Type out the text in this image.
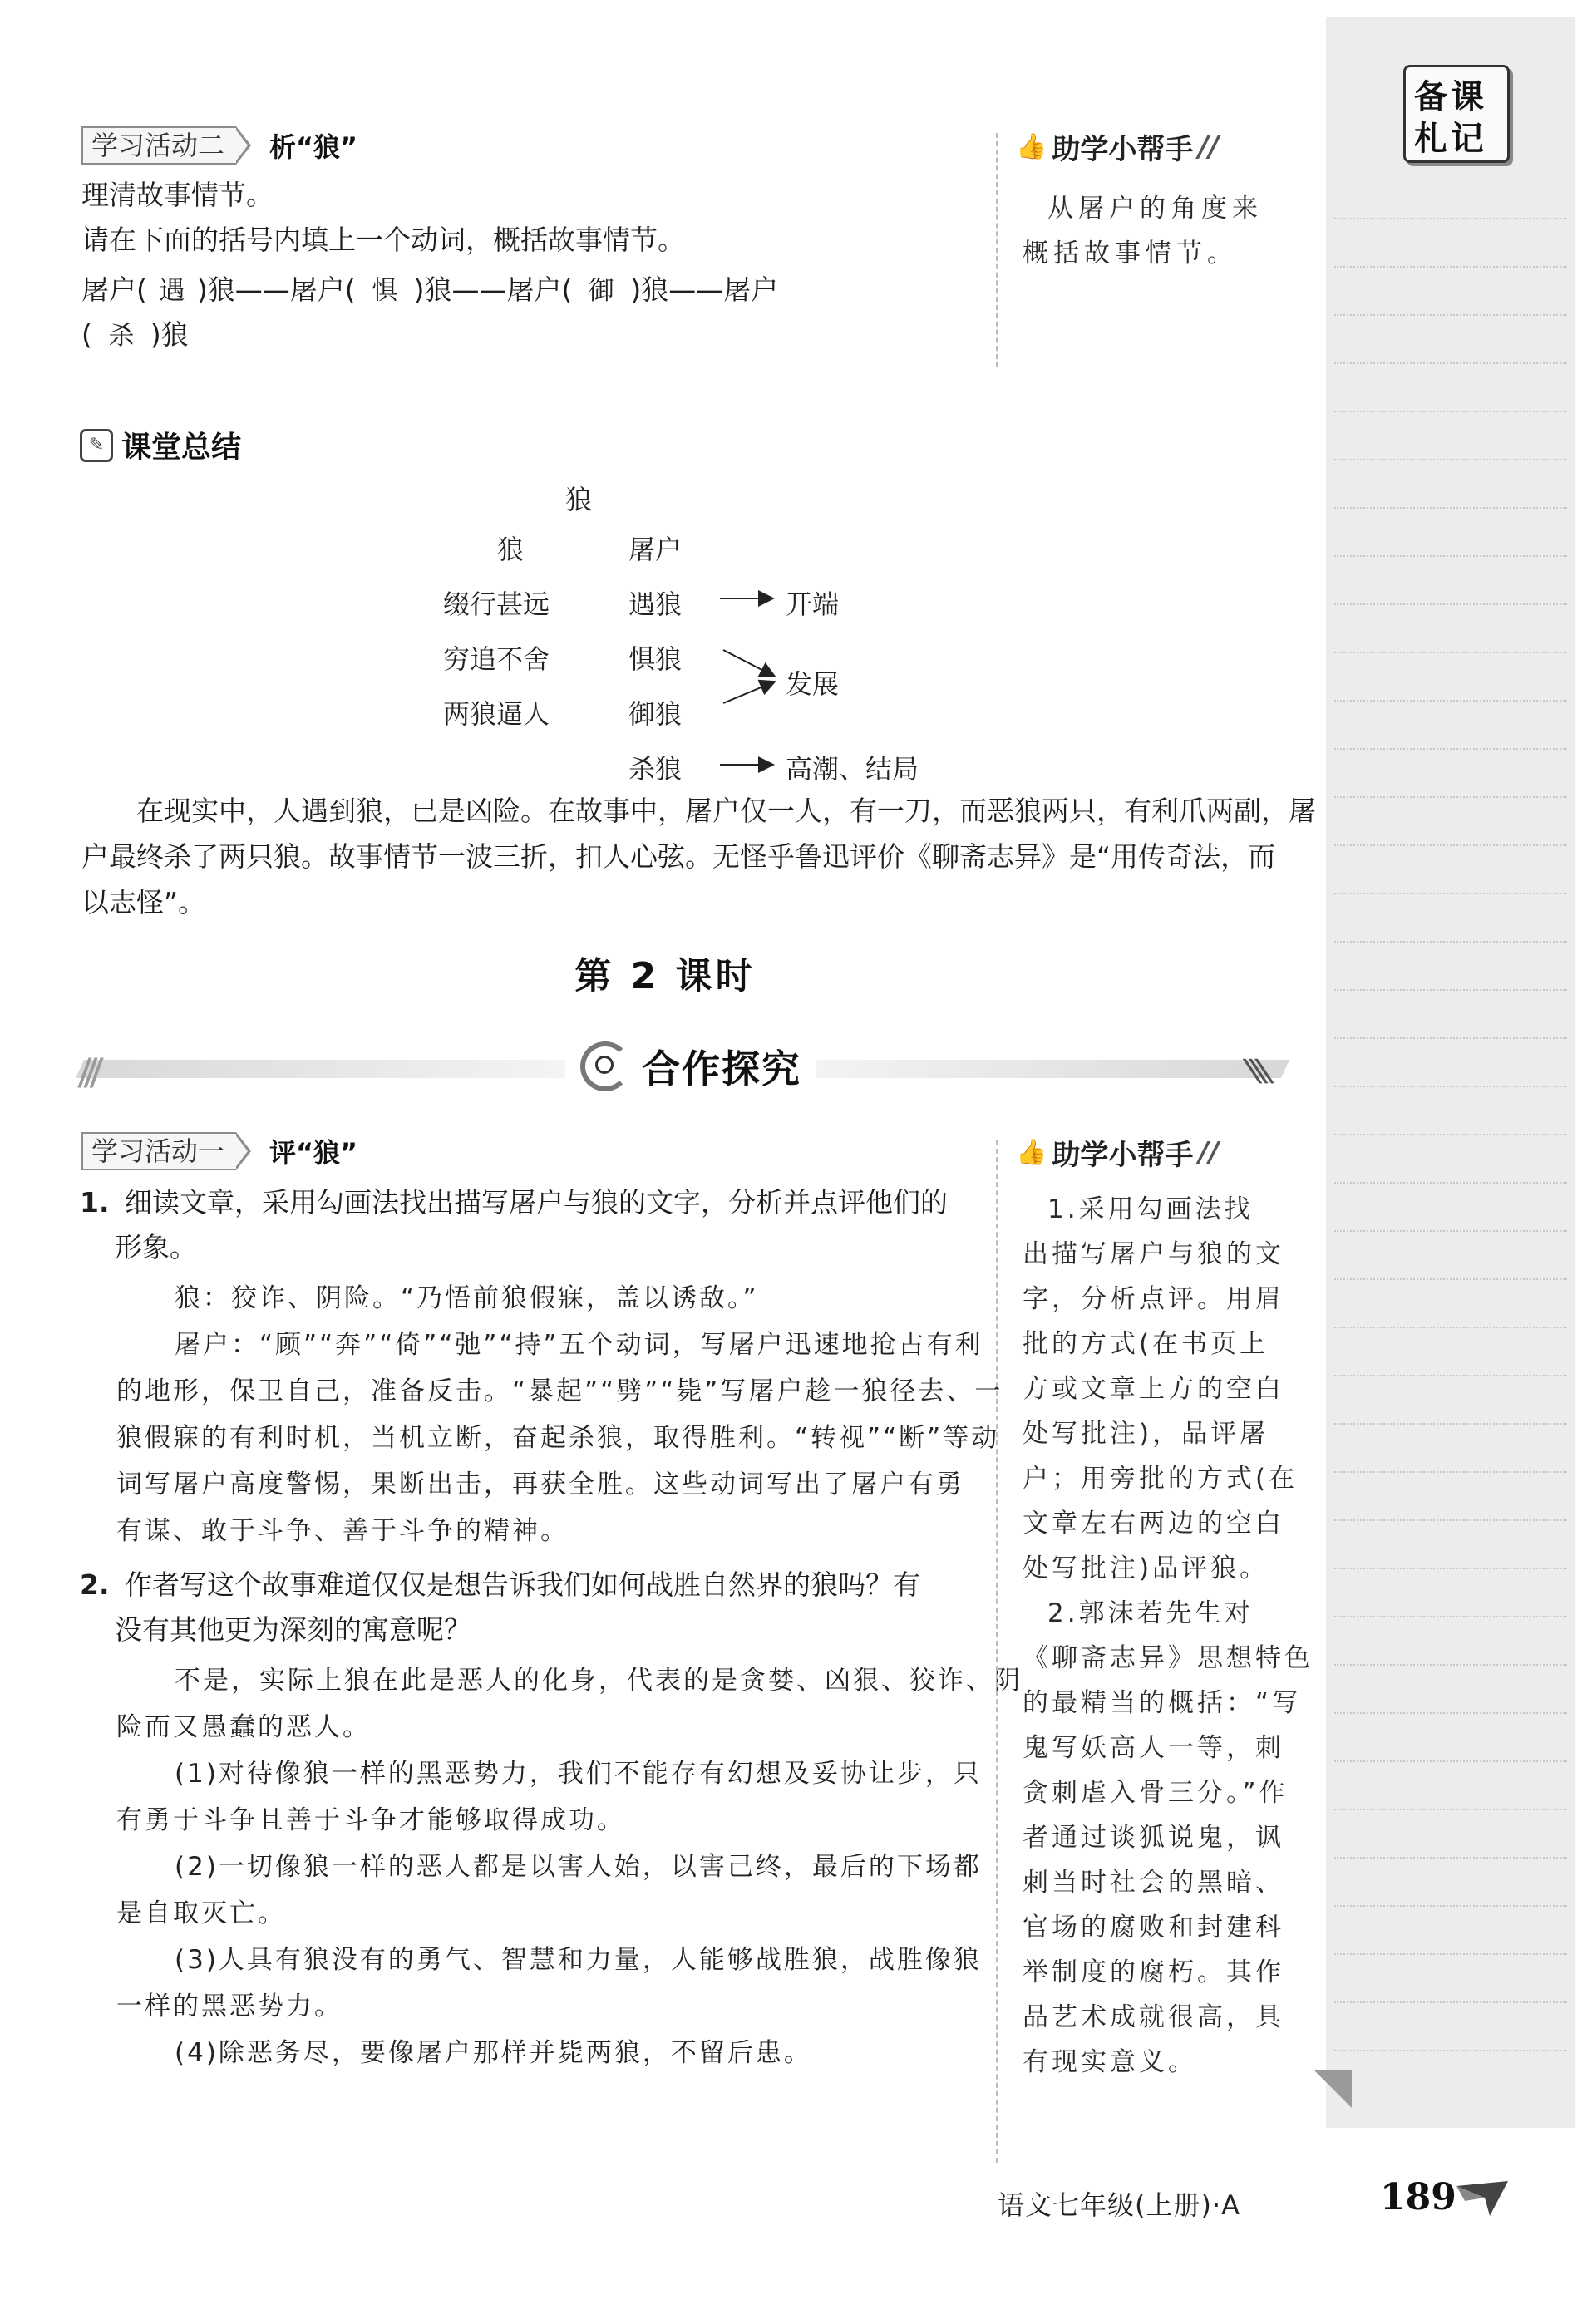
备课
札记
学习活动二	析“狼”
理清故事情节。
请在下面的括号内填上一个动词，概括故事情节。
屠户( 遇 )狼——屠户( 惧 )狼——屠户( 御 )狼——屠户
( 杀 )狼
👍 助学小帮手 //
从屠户的角度来
概括故事情节。
✎ 课堂总结
狼
狼	屠户
缀行甚远	遇狼
穷追不舍	惧狼
两狼逼人	御狼
杀狼
开端
发展
高潮、结局
在现实中，人遇到狼，已是凶险。在故事中，屠户仅一人，有一刀，而恶狼两只，有利爪两副，屠
户最终杀了两只狼。故事情节一波三折，扣人心弦。无怪乎鲁迅评价《聊斋志异》是“用传奇法，而
以志怪”。
第 2 课时
|||	\\\
合作探究
学习活动一	评“狼”
1. 细读文章，采用勾画法找出描写屠户与狼的文字，分析并点评他们的
形象。
狼：狡诈、阴险。“乃悟前狼假寐，盖以诱敌。”
屠户：“顾”“奔”“倚”“弛”“持”五个动词，写屠户迅速地抢占有利
的地形，保卫自己，准备反击。“暴起”“劈”“毙”写屠户趁一狼径去、一
狼假寐的有利时机，当机立断，奋起杀狼，取得胜利。“转视”“断”等动
词写屠户高度警惕，果断出击，再获全胜。这些动词写出了屠户有勇
有谋、敢于斗争、善于斗争的精神。
2. 作者写这个故事难道仅仅是想告诉我们如何战胜自然界的狼吗？有
没有其他更为深刻的寓意呢？
不是，实际上狼在此是恶人的化身，代表的是贪婪、凶狠、狡诈、阴
险而又愚蠢的恶人。
(1)对待像狼一样的黑恶势力，我们不能存有幻想及妥协让步，只
有勇于斗争且善于斗争才能够取得成功。
(2)一切像狼一样的恶人都是以害人始，以害己终，最后的下场都
是自取灭亡。
(3)人具有狼没有的勇气、智慧和力量，人能够战胜狼，战胜像狼
一样的黑恶势力。
(4)除恶务尽，要像屠户那样并毙两狼，不留后患。
👍 助学小帮手 //
1.采用勾画法找
出描写屠户与狼的文
字，分析点评。用眉
批的方式(在书页上
方或文章上方的空白
处写批注)，品评屠
户；用旁批的方式(在
文章左右两边的空白
处写批注)品评狼。
2.郭沫若先生对
《聊斋志异》思想特色
的最精当的概括：“写
鬼写妖高人一等，刺
贪刺虐入骨三分。”作
者通过谈狐说鬼，讽
刺当时社会的黑暗、
官场的腐败和封建科
举制度的腐朽。其作
品艺术成就很高，具
有现实意义。
语文七年级(上册)·A	189
